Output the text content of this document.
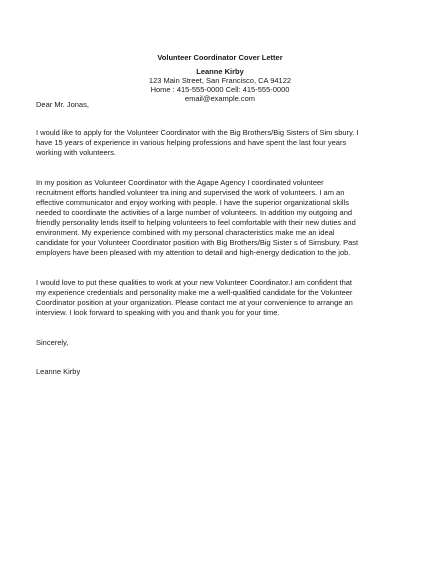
Volunteer Coordinator Cover Letter
Leanne Kirby
123 Main Street, San Francisco, CA 94122
Home : 415-555-0000 Cell: 415-555-0000
email@example.com
Dear Mr. Jonas,
I would like to apply for the Volunteer Coordinator with the Big Brothers/Big Sisters of Sim sbury. I
have 15 years of experience in various helping professions and have spent the last four years
working with volunteers.
In my position as Volunteer Coordinator with the Agape Agency I coordinated volunteer
recruitment efforts handled volunteer tra ining and supervised the work of volunteers. I am an
effective communicator and enjoy working with people. I have the superior organizational skills
needed to coordinate the activities of a large number of volunteers. In addition my outgoing and
friendly personality lends itself to helping volunteers to feel comfortable with their new duties and
environment. My experience combined with my personal characteristics make me an ideal
candidate for your Volunteer Coordinator position with Big Brothers/Big Sister s of Simsbury. Past
employers have been pleased with my attention to detail and high-energy dedication to the job.
I would love to put these qualities to work at your new Volunteer Coordinator.I am confident that
my experience credentials and personality make me a well-qualified candidate for the Volunteer
Coordinator position at your organization. Please contact me at your convenience to arrange an
interview. I look forward to speaking with you and thank you for your time.
Sincerely,
Leanne Kirby
